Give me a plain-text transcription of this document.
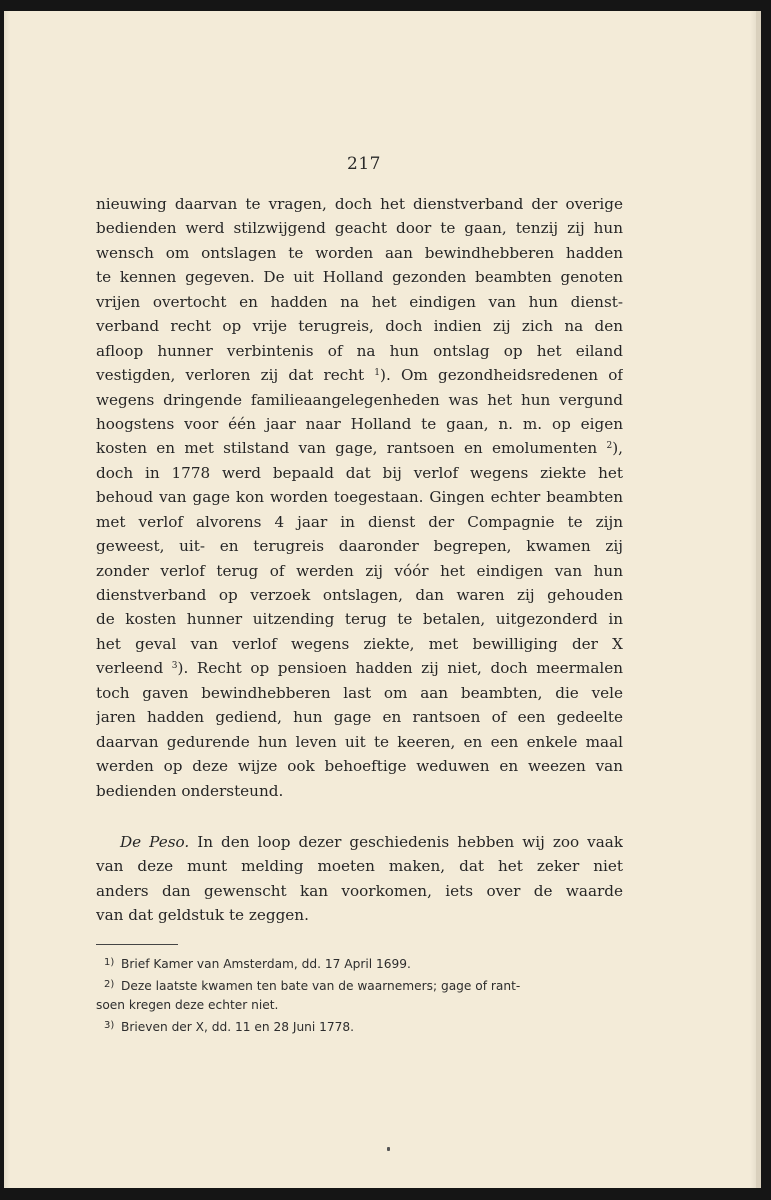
217
nieuwing daarvan te vragen, doch het dienstverband der overige
bedienden werd stilzwijgend geacht door te gaan, tenzij zij hun
wensch om ontslagen te worden aan bewindhebberen hadden
te kennen gegeven. De uit Holland gezonden beambten genoten
vrijen overtocht en hadden na het eindigen van hun dienst-
verband recht op vrije terugreis, doch indien zij zich na den
afloop hunner verbintenis of na hun ontslag op het eiland
vestigden, verloren zij dat recht $^1$). Om gezondheidsredenen of
wegens dringende familieaangelegenheden was het hun vergund
hoogstens voor één jaar naar Holland te gaan, n. m. op eigen
kosten en met stilstand van gage, rantsoen en emolumenten $^2$),
doch in 1778 werd bepaald dat bij verlof wegens ziekte het
behoud van gage kon worden toegestaan. Gingen echter beambten
met verlof alvorens 4 jaar in dienst der Compagnie te zijn
geweest, uit- en terugreis daaronder begrepen, kwamen zij
zonder verlof terug of werden zij vóór het eindigen van hun
dienstverband op verzoek ontslagen, dan waren zij gehouden
de kosten hunner uitzending terug te betalen, uitgezonderd in
het geval van verlof wegens ziekte, met bewilliging der X
verleend $^3$). Recht op pensioen hadden zij niet, doch meermalen
toch gaven bewindhebberen last om aan beambten, die vele
jaren hadden gediend, hun gage en rantsoen of een gedeelte
daarvan gedurende hun leven uit te keeren, en een enkele maal
werden op deze wijze ook behoeftige weduwen en weezen van
bedienden ondersteund.
De Peso. In den loop dezer geschiedenis hebben wij zoo vaak
van deze munt melding moeten maken, dat het zeker niet
anders dan gewenscht kan voorkomen, iets over de waarde
van dat geldstuk te zeggen.
1) Brief Kamer van Amsterdam, dd. 17 April 1699.
2) Deze laatste kwamen ten bate van de waarnemers; gage of rant-
soen kregen deze echter niet.
3) Brieven der X, dd. 11 en 28 Juni 1778.
